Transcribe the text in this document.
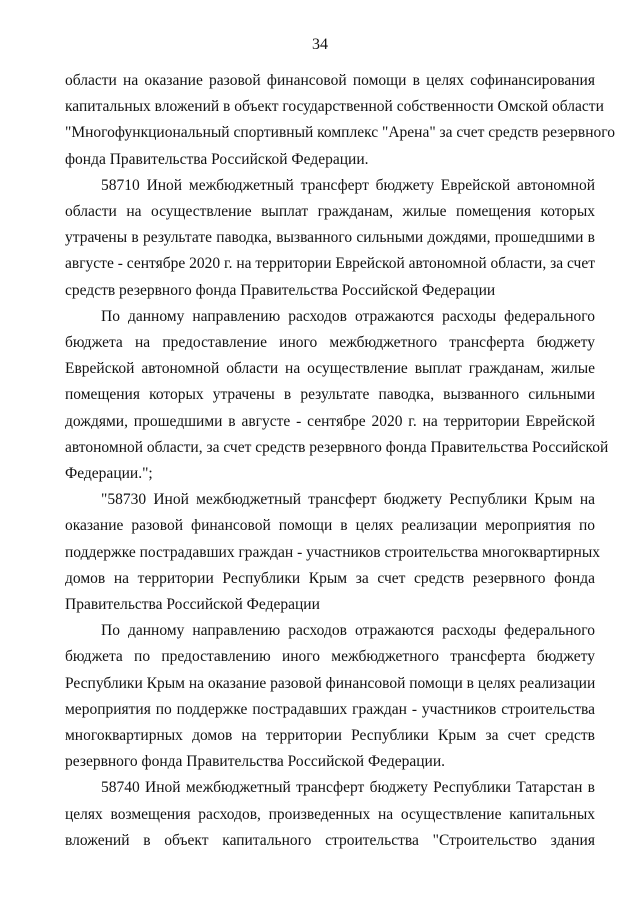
34
области на оказание разовой финансовой помощи в целях софинансирования
капитальных вложений в объект государственной собственности Омской области
"Многофункциональный спортивный комплекс "Арена" за счет средств резервного
фонда Правительства Российской Федерации.
58710 Иной межбюджетный трансферт бюджету Еврейской автономной
области на осуществление выплат гражданам, жилые помещения которых
утрачены в результате паводка, вызванного сильными дождями, прошедшими в
августе - сентябре 2020 г. на территории Еврейской автономной области, за счет
средств резервного фонда Правительства Российской Федерации
По данному направлению расходов отражаются расходы федерального
бюджета на предоставление иного межбюджетного трансферта бюджету
Еврейской автономной области на осуществление выплат гражданам, жилые
помещения которых утрачены в результате паводка, вызванного сильными
дождями, прошедшими в августе - сентябре 2020 г. на территории Еврейской
автономной области, за счет средств резервного фонда Правительства Российской
Федерации.";
"58730 Иной межбюджетный трансферт бюджету Республики Крым на
оказание разовой финансовой помощи в целях реализации мероприятия по
поддержке пострадавших граждан - участников строительства многоквартирных
домов на территории Республики Крым за счет средств резервного фонда
Правительства Российской Федерации
По данному направлению расходов отражаются расходы федерального
бюджета по предоставлению иного межбюджетного трансферта бюджету
Республики Крым на оказание разовой финансовой помощи в целях реализации
мероприятия по поддержке пострадавших граждан - участников строительства
многоквартирных домов на территории Республики Крым за счет средств
резервного фонда Правительства Российской Федерации.
58740 Иной межбюджетный трансферт бюджету Республики Татарстан в
целях возмещения расходов, произведенных на осуществление капитальных
вложений в объект капитального строительства "Строительство здания
